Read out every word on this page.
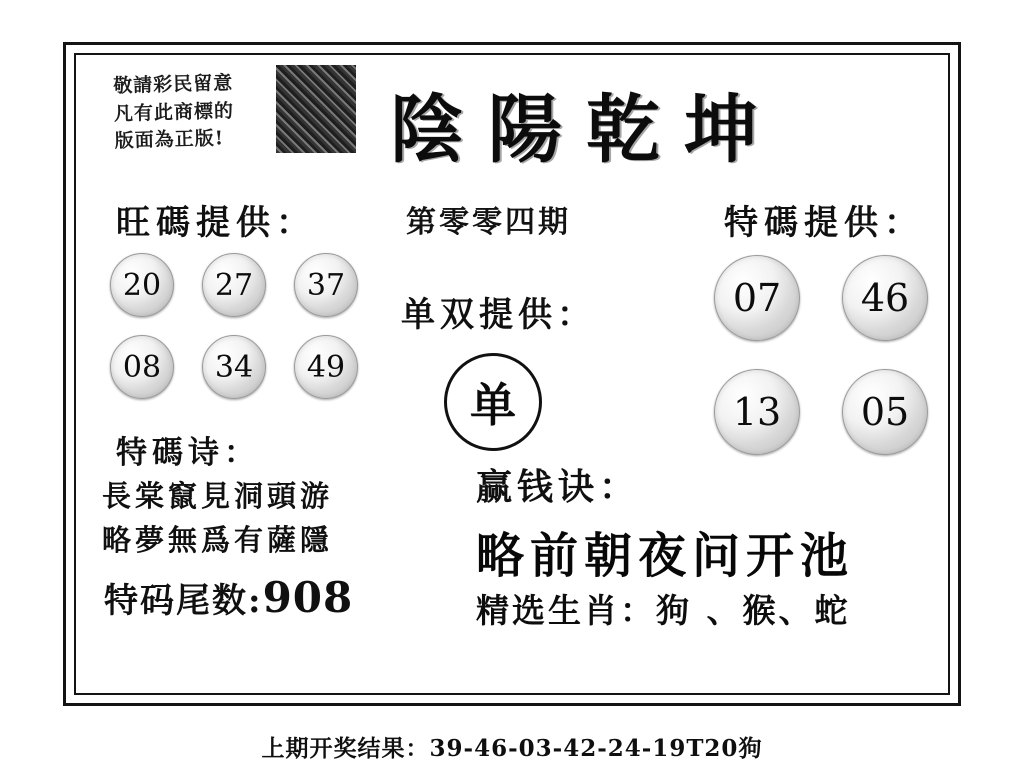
敬請彩民留意
凡有此商標的
版面為正版!	陰陽乾坤
旺碼提供：
20	27	37
08	34	49
特碼诗：
長棠竄見洞頭游
略夢無爲有薩隱
特码尾数:908
第零零四期
单双提供：
单
赢钱诀：
略前朝夜问开池
精选生肖：狗 、猴、蛇
特碼提供：
07	46
13	05
上期开奖结果：39-46-03-42-24-19T20狗
